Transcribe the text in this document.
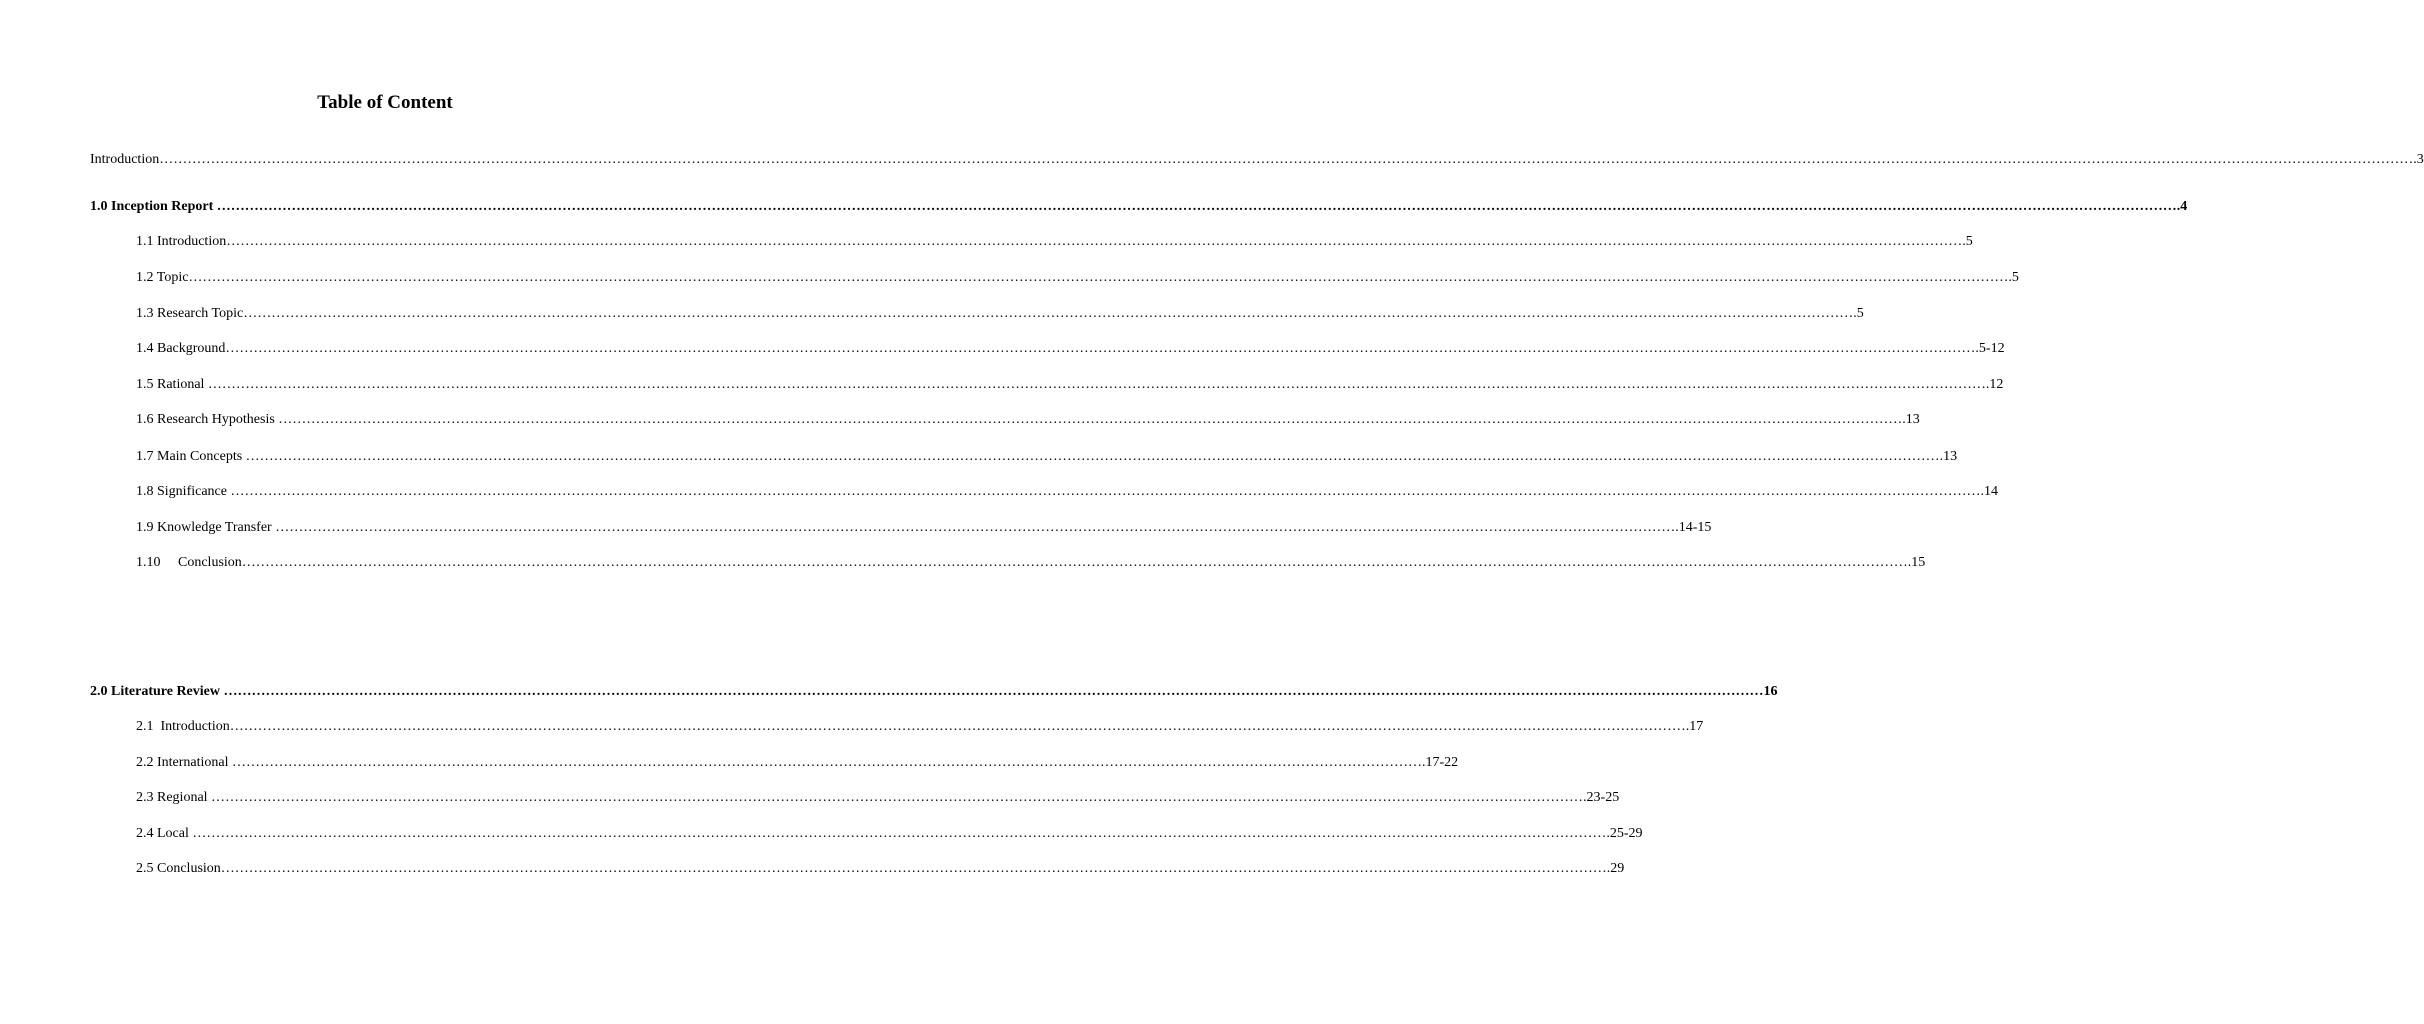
Table of Content
Introduction…………………………………………………………………………………………………………………………………………………………………………………………………………………………………………………………………………………………………………………………………………………………………………………………………………………………………………….3
1.0 Inception Report …………………………………………………………………………………………………………………………………………………………………………………………………………………………………………………………………………………………………………………………………………………………………………………….4
1.1 Introduction………………………………………………………………………………………………………………………………………………………………………………………………………………………………………………………………………………………………………………………………………….5
1.2 Topic………………………………………………………………………………………………………………………………………………………………………………………………………………………………………………………………………………………………………………………………………………………….5
1.3 Research Topic………………………………………………………………………………………………………………………………………………………………………………………………………………………………………………………………………………………………………………….5
1.4 Background…………………………………………………………………………………………………………………………………………………………………………………………………………………………………………………………………………………………………………………………………………….5-12
1.5 Rational ………………………………………………………………………………………………………………………………………………………………………………………………………………………………………………………………………………………………………………………………………………….12
1.6 Research Hypothesis …………………………………………………………………………………………………………………………………………………………………………………………………………………………………………………………………………………………………………………….13
1.7 Main Concepts ………………………………………………………………………………………………………………………………………………………………………………………………………………………………………………………………………………………………………………………………….13
1.8 Significance …………………………………………………………………………………………………………………………………………………………………………………………………………………………………………………………………………………………………………………………………………….14
1.9 Knowledge Transfer ………………………………………………………………………………………………………………………………………………………………………………………………………………………………………………………………………….14-15
1.10     Conclusion…………………………………………………………………………………………………………………………………………………………………………………………………………………………………………………………………………………………………………………………….15
2.0 Literature Review ……………………………………………………………………………………………………………………………………………………………………………………………………………………………………………………………………………………………………16
2.1  Introduction…………………………………………………………………………………………………………………………………………………………………………………………………………………………………………………………………………………….17
2.2 International ………………………………………………………………………………………………………………………………………………………………………………………………………………………………….17-22
2.3 Regional …………………………………………………………………………………………………………………………………………………………………………………………………………………………………………………………………….23-25
2.4 Local …………………………………………………………………………………………………………………………………………………………………………………………………………………………………………………………………………….25-29
2.5 Conclusion……………………………………………………………………………………………………………………………………………………………………………………………………………………………………………………………………….29
